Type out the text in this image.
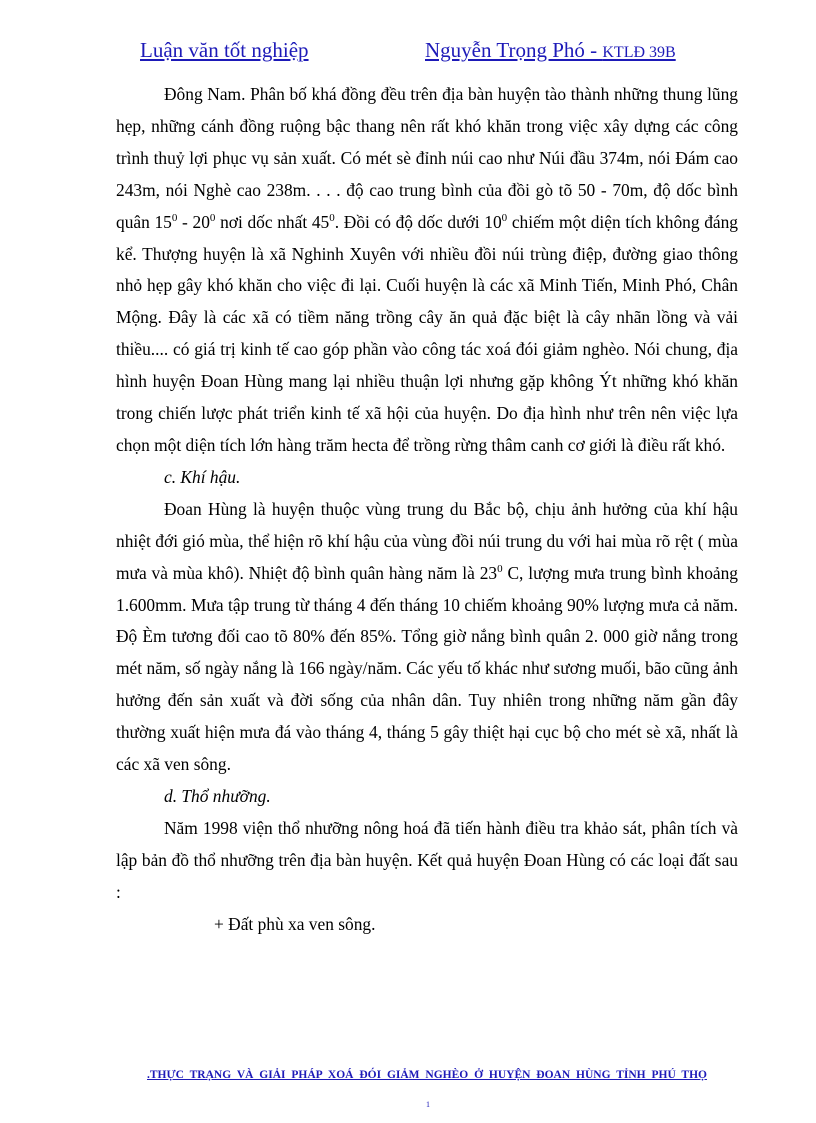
Luận văn tốt nghiệp	Nguyễn Trọng Phó - KTLĐ 39B

Đông Nam. Phân bố khá đồng đều trên địa bàn huyện tào thành những thung lũng hẹp, những cánh đồng ruộng bậc thang nên rất khó khăn trong việc xây dựng các công trình thuỷ lợi phục vụ sản xuất. Có mét sè đỉnh núi cao như Núi đầu 374m, nói Đám cao 243m, nói Nghè cao 238m. . . . độ cao trung bình của đồi gò tõ 50 - 70m, độ dốc bình quân $15^0 - 20^0$ nơi dốc nhất $45^0$. Đồi có độ dốc dưới $10^0$ chiếm một diện tích không đáng kể. Thượng huyện là xã Nghinh Xuyên với nhiều đồi núi trùng điệp, đường giao thông nhỏ hẹp gây khó khăn cho việc đi lại. Cuối huyện là các xã Minh Tiến, Minh Phó, Chân Mộng. Đây là các xã có tiềm năng trồng cây ăn quả đặc biệt là cây nhãn lồng và vải thiều.... có giá trị kinh tế cao góp phần vào công tác xoá đói giảm nghèo. Nói chung, địa hình huyện Đoan Hùng mang lại nhiều thuận lợi nhưng gặp không Ýt những khó khăn trong chiến lược phát triển kinh tế xã hội của huyện. Do địa hình như trên nên việc lựa chọn một diện tích lớn hàng trăm hecta để trồng rừng thâm canh cơ giới là điều rất khó.

c. Khí hậu.

Đoan Hùng là huyện thuộc vùng trung du Bắc bộ, chịu ảnh hưởng của khí hậu nhiệt đới gió mùa, thể hiện rõ khí hậu của vùng đồi núi trung du với hai mùa rõ rệt ( mùa mưa và mùa khô). Nhiệt độ bình quân hàng năm là $23^0$ C, lượng mưa trung bình khoảng 1.600mm. Mưa tập trung từ tháng 4 đến tháng 10 chiếm khoảng 90% lượng mưa cả năm. Độ Èm tương đối cao tõ 80% đến 85%. Tổng giờ nắng bình quân 2. 000 giờ nắng trong mét năm, số ngày nắng là 166 ngày/năm. Các yếu tố khác như sương muối, bão cũng ảnh hưởng đến sản xuất và đời sống của nhân dân. Tuy nhiên trong những năm gần đây thường xuất hiện mưa đá vào tháng 4, tháng 5 gây thiệt hại cục bộ cho mét sè xã, nhất là các xã ven sông.

d. Thổ nhưỡng.

Năm 1998 viện thổ nhưỡng nông hoá đã tiến hành điều tra khảo sát, phân tích và lập bản đồ thổ nhưỡng trên địa bàn huyện. Kết quả huyện Đoan Hùng có các loại đất sau :

+ Đất phù xa ven sông.

.THỰC TRẠNG VÀ GIẢI PHÁP XOÁ ĐÓI GIẢM NGHÈO Ở HUYỆN ĐOAN HÙNG TỈNH PHÚ THỌ
1
